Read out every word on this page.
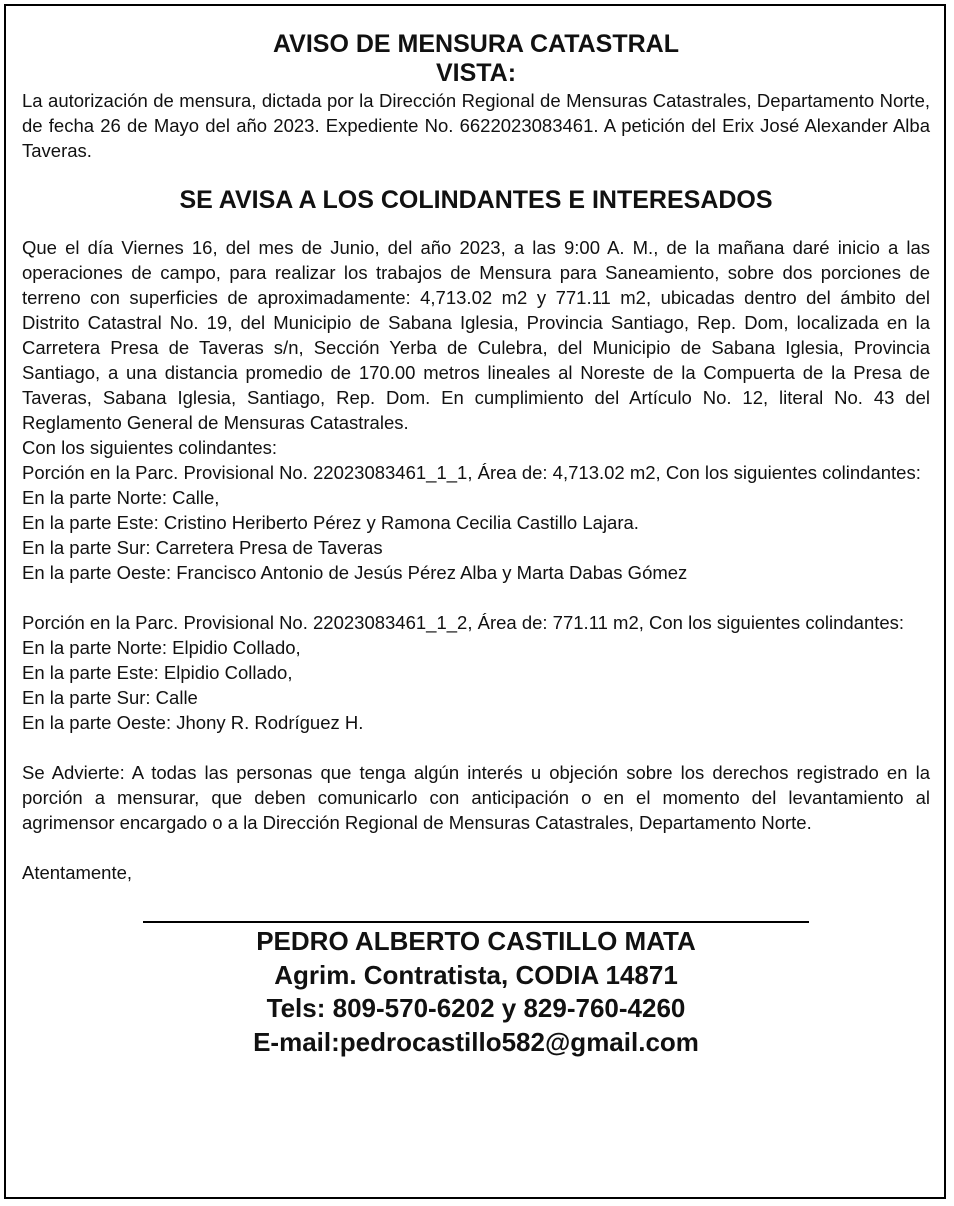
AVISO DE MENSURA CATASTRAL

VISTA:

La autorización de mensura, dictada por la Dirección Regional de Mensuras Catastrales, Departamento Norte, de fecha 26 de Mayo del año 2023. Expediente No. 6622023083461. A petición del Erix José Alexander Alba Taveras.

SE AVISA A LOS COLINDANTES E INTERESADOS

Que el día Viernes 16, del mes de Junio, del año 2023, a las 9:00 A. M., de la mañana daré inicio a las operaciones de campo, para realizar los trabajos de Mensura para Saneamiento, sobre dos porciones de terreno con superficies de aproximadamente: 4,713.02 m2 y 771.11 m2, ubicadas dentro del ámbito del Distrito Catastral No. 19, del Municipio de Sabana Iglesia, Provincia Santiago, Rep. Dom, localizada en la Carretera Presa de Taveras s/n, Sección Yerba de Culebra, del Municipio de Sabana Iglesia, Provincia Santiago, a una distancia promedio de 170.00 metros lineales al Noreste de la Compuerta de la Presa de Taveras, Sabana Iglesia, Santiago, Rep. Dom. En cumplimiento del Artículo No. 12, literal No. 43 del Reglamento General de Mensuras Catastrales.

Con los siguientes colindantes:

Porción en la Parc. Provisional No. 22023083461_1_1, Área de: 4,713.02 m2, Con los siguientes colindantes:

En la parte Norte: Calle,

En la parte Este: Cristino Heriberto Pérez y Ramona Cecilia Castillo Lajara.

En la parte Sur: Carretera Presa de Taveras

En la parte Oeste: Francisco Antonio de Jesús Pérez Alba y Marta Dabas Gómez

Porción en la Parc. Provisional No. 22023083461_1_2, Área de: 771.11 m2, Con los siguientes colindantes:

En la parte Norte: Elpidio Collado,

En la parte Este: Elpidio Collado,

En la parte Sur: Calle

En la parte Oeste: Jhony R. Rodríguez H.

Se Advierte: A todas las personas que tenga algún interés u objeción sobre los derechos registrado en la porción a mensurar, que deben comunicarlo con anticipación o en el momento del levantamiento al agrimensor encargado o a la Dirección Regional de Mensuras Catastrales, Departamento Norte.

Atentamente,

PEDRO ALBERTO CASTILLO MATA

Agrim. Contratista, CODIA 14871

Tels: 809-570-6202 y 829-760-4260

E-mail:pedrocastillo582@gmail.com
